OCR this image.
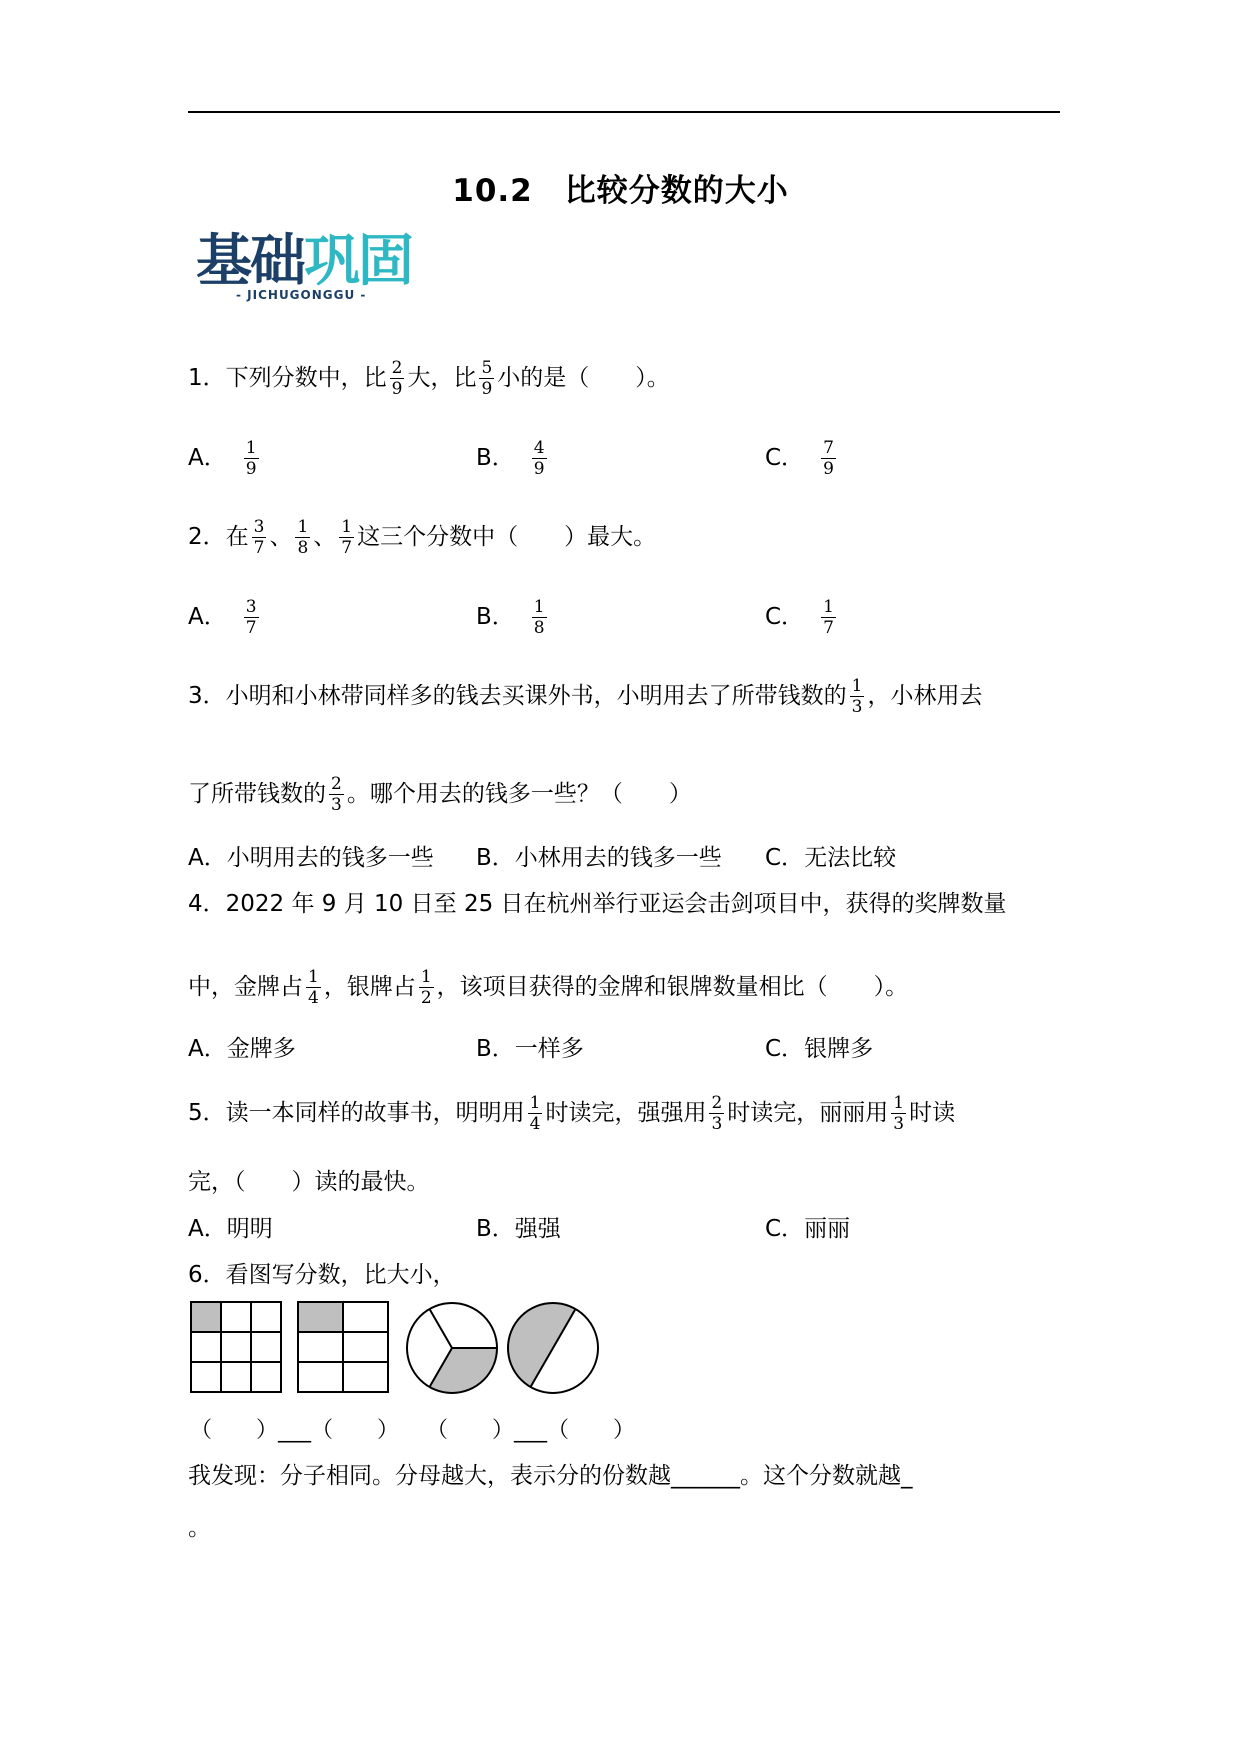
10.2　比较分数的大小
基础巩固
- JICHUGONGGU -
1．下列分数中，比 $\frac{2}{9}$ 大，比 $\frac{5}{9}$ 小的是（　　）。
A． $\frac{1}{9}$	B． $\frac{4}{9}$	C． $\frac{7}{9}$
2．在 $\frac{3}{7}$ 、 $\frac{1}{8}$ 、 $\frac{1}{7}$ 这三个分数中（　　）最大。
A． $\frac{3}{7}$	B． $\frac{1}{8}$	C． $\frac{1}{7}$
3．小明和小林带同样多的钱去买课外书，小明用去了所带钱数的 $\frac{1}{3}$ ，小林用去
了所带钱数的 $\frac{2}{3}$ 。哪个用去的钱多一些？（　　）
A．小明用去的钱多一些 B．小林用去的钱多一些 C．无法比较
4．2022 年 9 月 10 日至 25 日在杭州举行亚运会击剑项目中，获得的奖牌数量
中，金牌占 $\frac{1}{4}$ ，银牌占 $\frac{1}{2}$ ，该项目获得的金牌和银牌数量相比（　　）。
A．金牌多	B．一样多	C．银牌多
5．读一本同样的故事书，明明用 $\frac{1}{4}$ 时读完，强强用 $\frac{2}{3}$ 时读完，丽丽用 $\frac{1}{3}$ 时读
完，（　　）读的最快。
A．明明	B．强强	C．丽丽
6．看图写分数，比大小，
（　　）___（　　） （　　）___（　　）
我发现：分子相同。分母越大，表示分的份数越______。这个分数就越_
。
